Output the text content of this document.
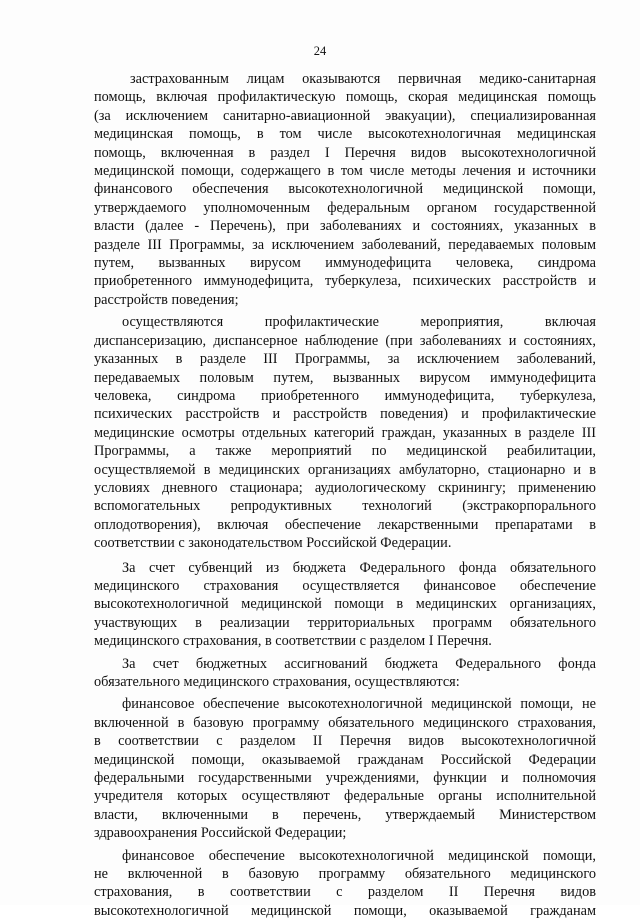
24
застрахованным лицам оказываются первичная медико-санитарная
помощь, включая профилактическую помощь, скорая медицинская помощь
(за исключением санитарно-авиационной эвакуации), специализированная
медицинская помощь, в том числе высокотехнологичная медицинская
помощь, включенная в раздел I Перечня видов высокотехнологичной
медицинской помощи, содержащего в том числе методы лечения и источники
финансового обеспечения высокотехнологичной медицинской помощи,
утверждаемого уполномоченным федеральным органом государственной
власти (далее - Перечень), при заболеваниях и состояниях, указанных в
разделе III Программы, за исключением заболеваний, передаваемых половым
путем, вызванных вирусом иммунодефицита человека, синдрома
приобретенного иммунодефицита, туберкулеза, психических расстройств и
расстройств поведения;
осуществляются профилактические мероприятия, включая
диспансеризацию, диспансерное наблюдение (при заболеваниях и состояниях,
указанных в разделе III Программы, за исключением заболеваний,
передаваемых половым путем, вызванных вирусом иммунодефицита
человека, синдрома приобретенного иммунодефицита, туберкулеза,
психических расстройств и расстройств поведения) и профилактические
медицинские осмотры отдельных категорий граждан, указанных в разделе III
Программы, а также мероприятий по медицинской реабилитации,
осуществляемой в медицинских организациях амбулаторно, стационарно и в
условиях дневного стационара; аудиологическому скринингу; применению
вспомогательных репродуктивных технологий (экстракорпорального
оплодотворения), включая обеспечение лекарственными препаратами в
соответствии с законодательством Российской Федерации.
За счет субвенций из бюджета Федерального фонда обязательного
медицинского страхования осуществляется финансовое обеспечение
высокотехнологичной медицинской помощи в медицинских организациях,
участвующих в реализации территориальных программ обязательного
медицинского страхования, в соответствии с разделом I Перечня.
За счет бюджетных ассигнований бюджета Федерального фонда
обязательного медицинского страхования, осуществляются:
финансовое обеспечение высокотехнологичной медицинской помощи, не
включенной в базовую программу обязательного медицинского страхования,
в соответствии с разделом II Перечня видов высокотехнологичной
медицинской помощи, оказываемой гражданам Российской Федерации
федеральными государственными учреждениями, функции и полномочия
учредителя которых осуществляют федеральные органы исполнительной
власти, включенными в перечень, утверждаемый Министерством
здравоохранения Российской Федерации;
финансовое обеспечение высокотехнологичной медицинской помощи,
не включенной в базовую программу обязательного медицинского
страхования, в соответствии с разделом II Перечня видов
высокотехнологичной медицинской помощи, оказываемой гражданам
